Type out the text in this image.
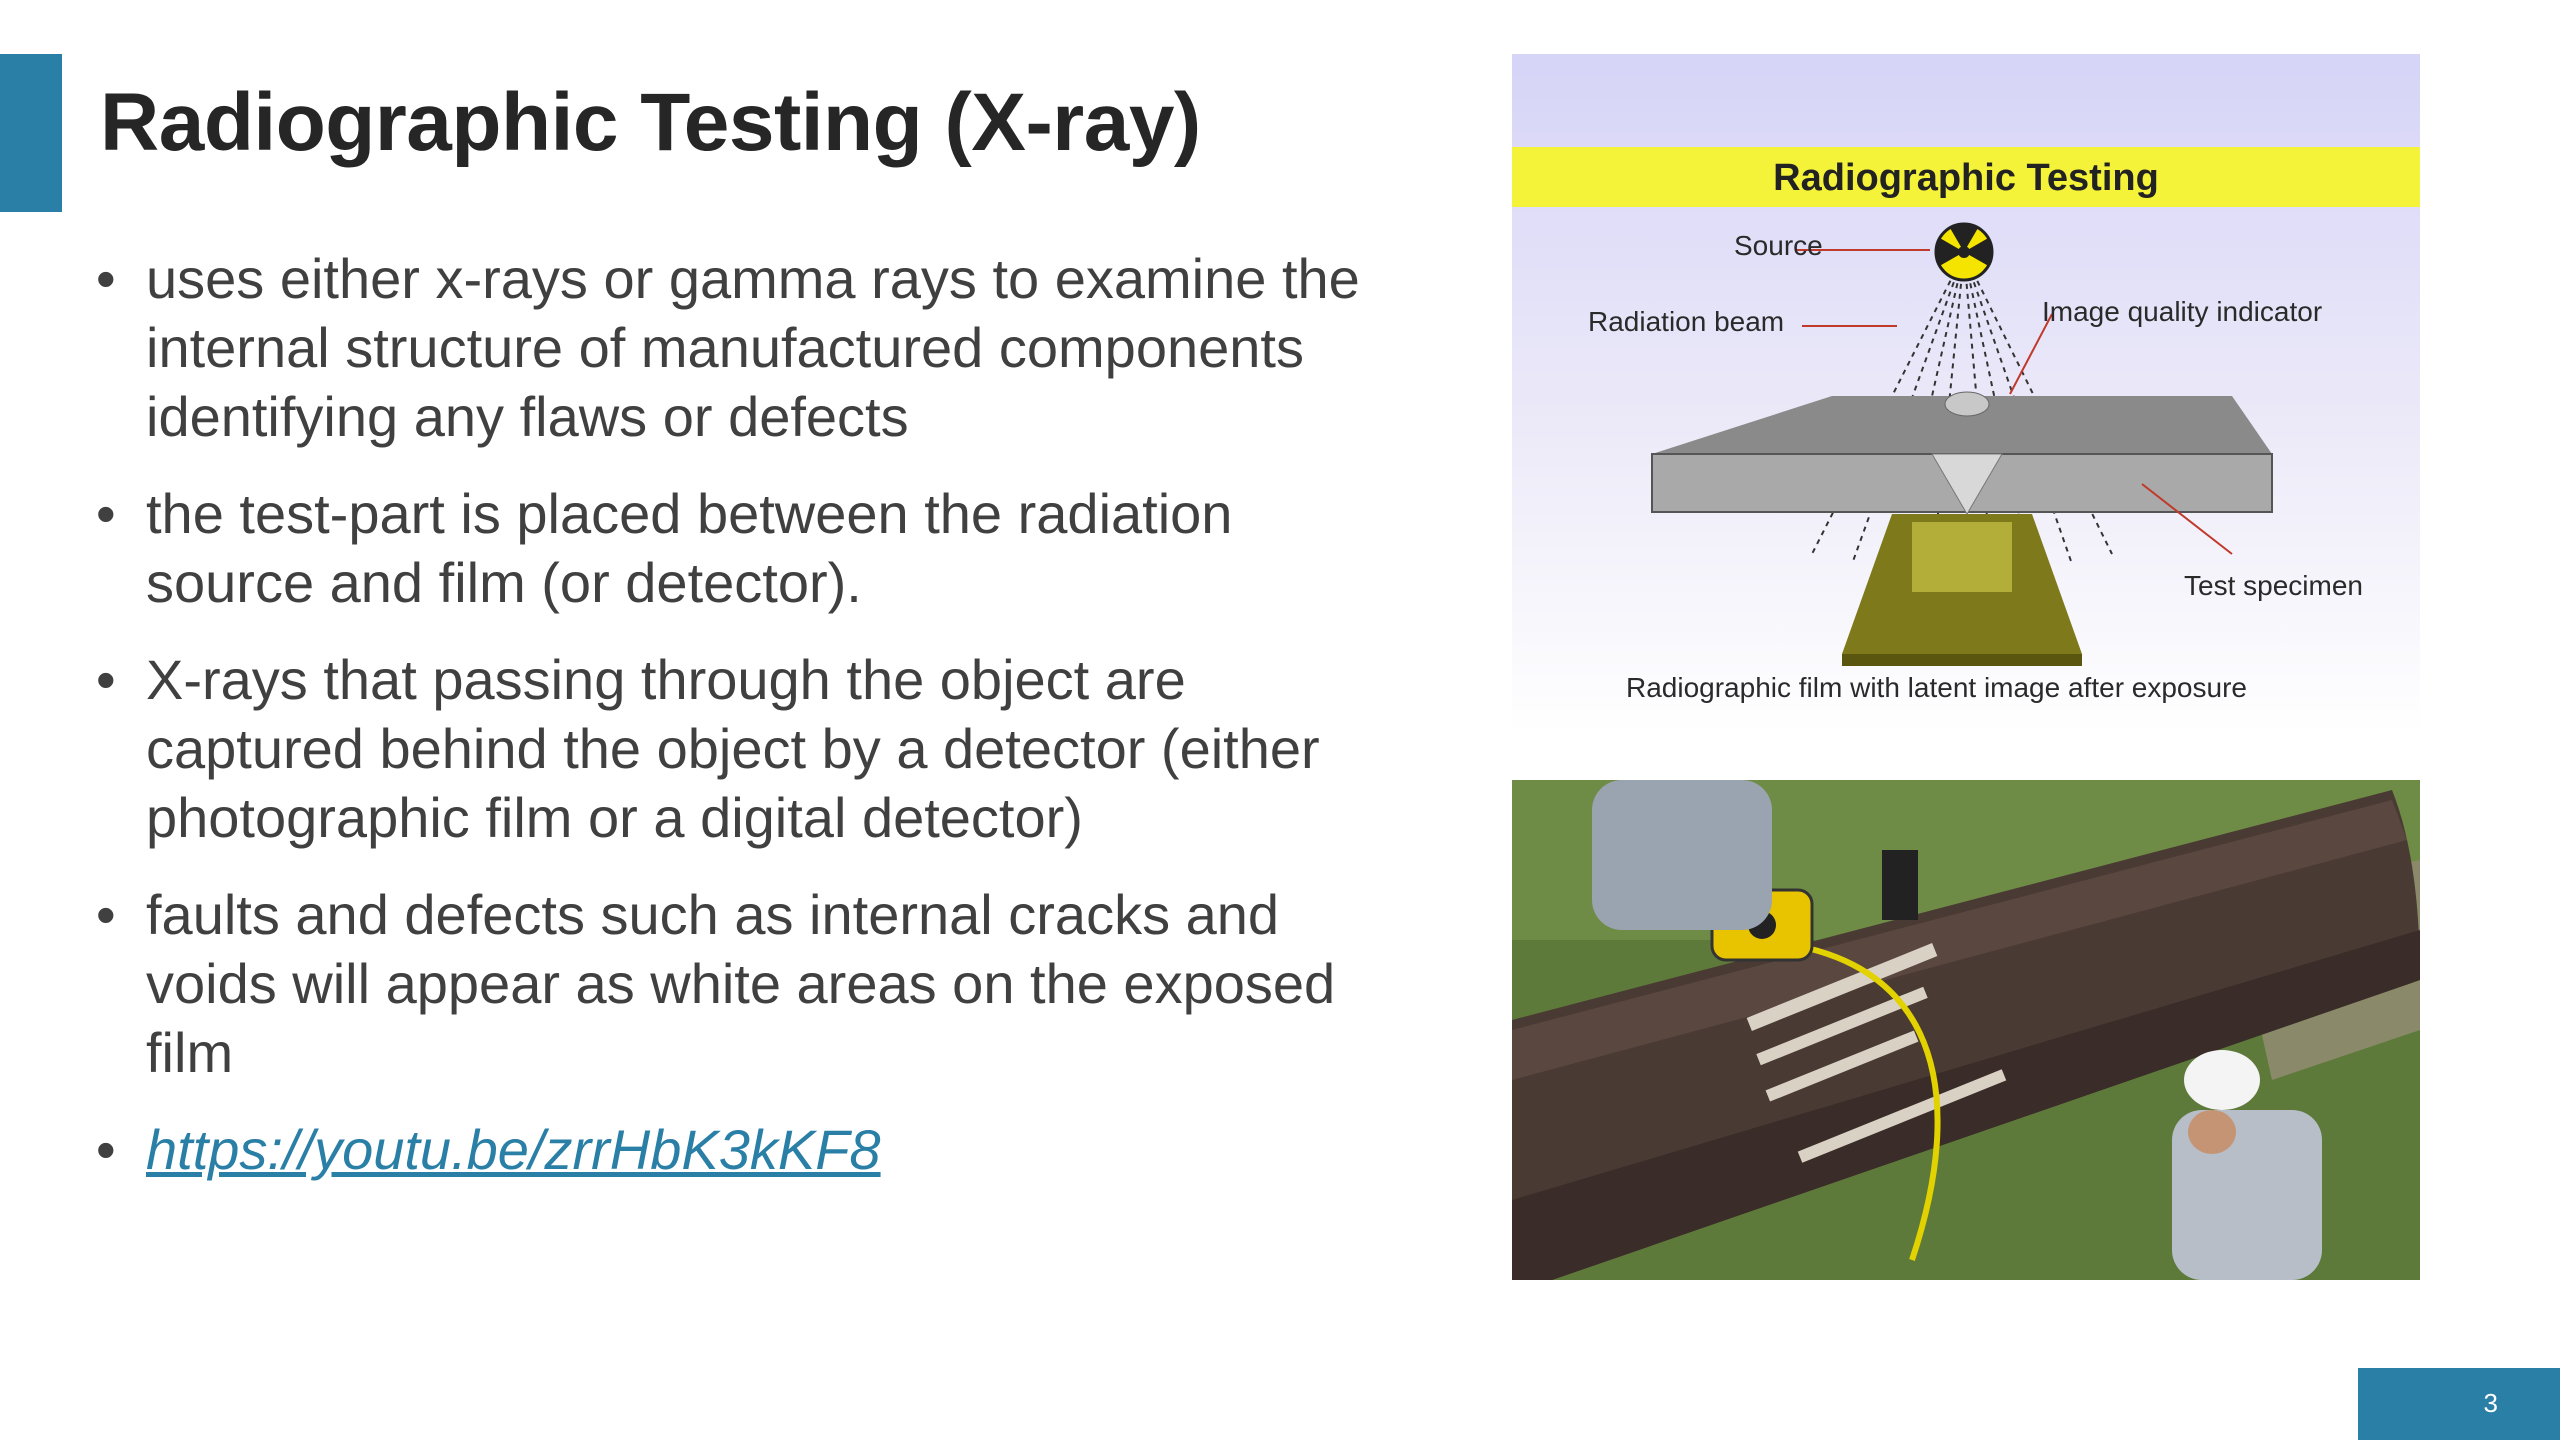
Radiographic Testing (X-ray)
• uses either x-rays or gamma rays to examine the internal structure of manufactured components identifying any flaws or defects
• the test-part is placed between the radiation source and film (or detector).
• X-rays that passing through the object are captured behind the object by a detector (either photographic film or a digital detector)
• faults and defects such as internal cracks and voids will appear as white areas on the exposed film
• https://youtu.be/zrrHbK3kKF8
Radiographic Testing
Source
Radiation beam	Image quality indicator
Test specimen
Radiographic film with latent image after exposure
3
